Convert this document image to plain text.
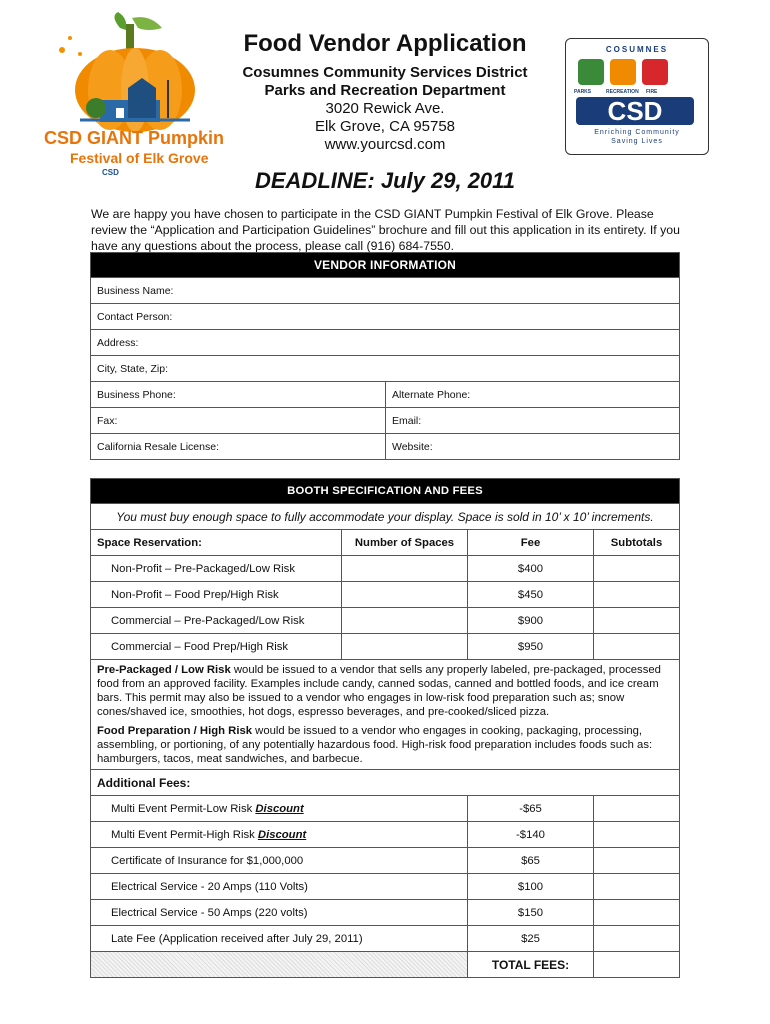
CSD GIANT Pumpkin
Festival of Elk Grove
CSD
Food Vendor Application
Cosumnes Community Services District
Parks and Recreation Department
3020 Rewick Ave.
Elk Grove, CA 95758
www.yourcsd.com
COSUMNES
PARKS	RECREATION FIRE
CSD
Enriching Community
Saving Lives
DEADLINE: July 29, 2011
We are happy you have chosen to participate in the CSD GIANT Pumpkin Festival of Elk Grove. Please review the “Application and Participation Guidelines” brochure and fill out this application in its entirety. If you have any questions about the process, please call (916) 684-7550.
VENDOR INFORMATION	
Business Name:	
Contact Person:	
Address:	
City, State, Zip:	
Business Phone:	Alternate Phone:
Fax:	Email:
California Resale License:	Website:
BOOTH SPECIFICATION AND FEES			
You must buy enough space to fully accommodate your display. Space is sold in 10’ x 10’ increments.			
Space Reservation:	Number of Spaces	Fee	Subtotals
Non-Profit – Pre-Packaged/Low Risk		$400	
Non-Profit – Food Prep/High Risk		$450	
Commercial – Pre-Packaged/Low Risk		$900	
Commercial – Food Prep/High Risk		$950	
Pre-Packaged / Low Risk would be issued to a vendor that sells any properly labeled, pre-packaged, processed food from an approved facility. Examples include candy, canned sodas, canned and bottled foods, and ice cream bars. This permit may also be issued to a vendor who engages in low-risk food preparation such as; snow cones/shaved ice, smoothies, hot dogs, espresso beverages, and pre-cooked/sliced pizza.
Food Preparation / High Risk would be issued to a vendor who engages in cooking, packaging, processing, assembling, or portioning, of any potentially hazardous food. High-risk food preparation includes foods such as: hamburgers, tacos, meat sandwiches, and barbecue.			
Additional Fees:			
Multi Event Permit-Low Risk Discount		-$65	
Multi Event Permit-High Risk Discount		-$140	
Certificate of Insurance for $1,000,000		$65	
Electrical Service - 20 Amps (110 Volts)		$100	
Electrical Service - 50 Amps (220 volts)		$150	
Late Fee (Application received after July 29, 2011)		$25	
		TOTAL FEES:	
